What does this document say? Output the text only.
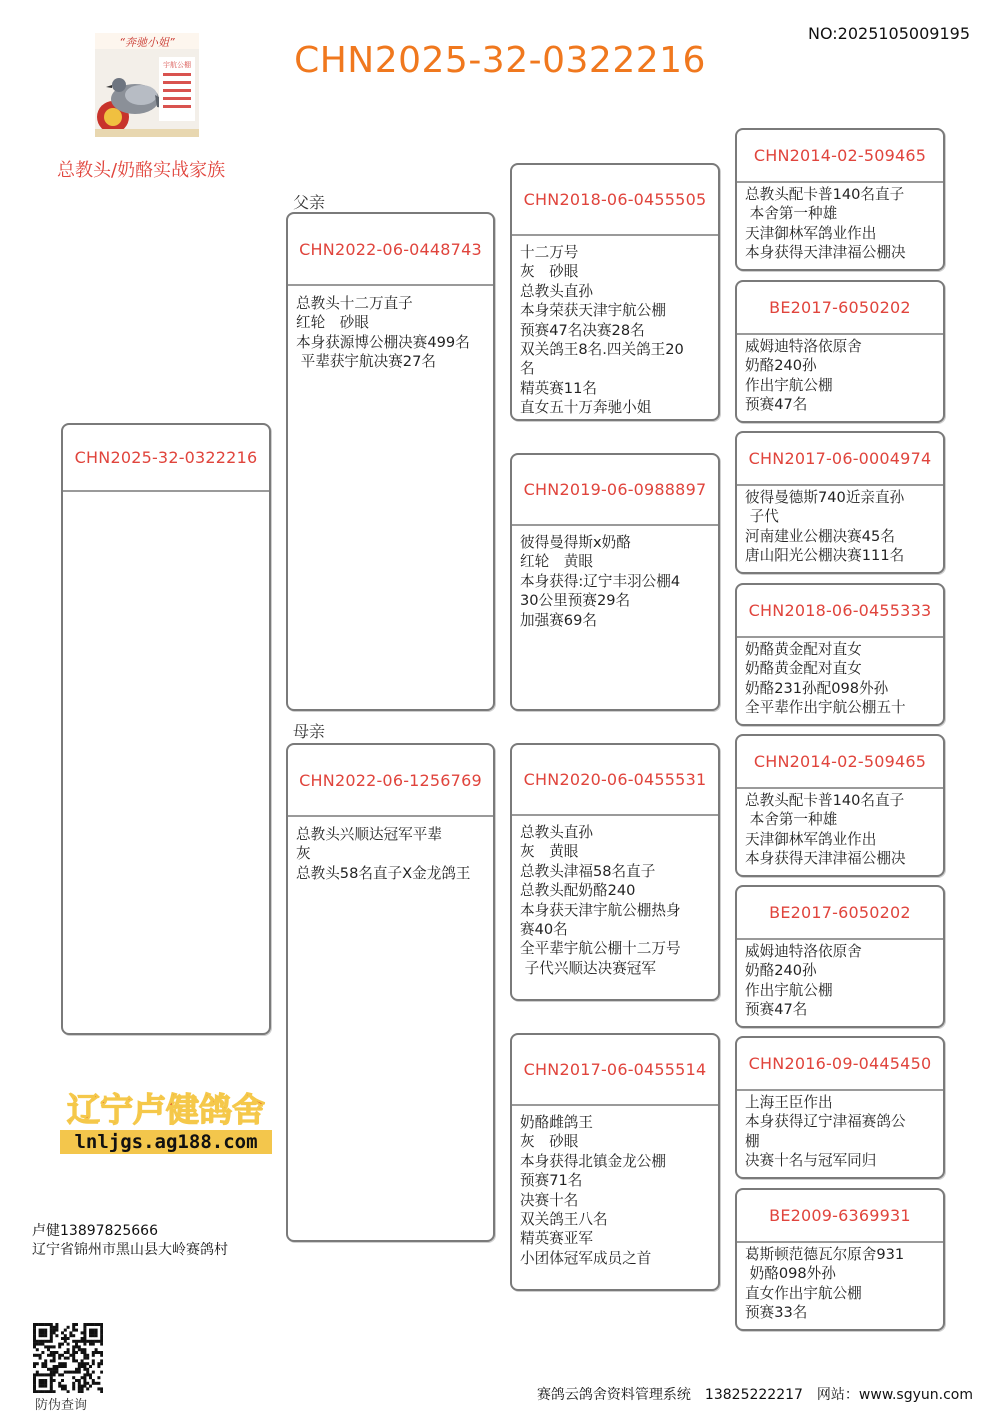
NO:2025105009195
CHN2025-32-0322216
“奔驰小姐”
宇航公棚
总教头/奶酪实战家族
父亲
母亲
CHN2025-32-0322216
CHN2022-06-0448743
总教头十二万直子
红轮　砂眼
本身获源博公棚决赛499名
平辈获宇航决赛27名
CHN2022-06-1256769
总教头兴顺达冠军平辈
灰
总教头58名直子X金龙鸽王
CHN2018-06-0455505
十二万号
灰　砂眼
总教头直孙
本身荣获天津宇航公棚
预赛47名决赛28名
双关鸽王8名.四关鸽王20
名
精英赛11名
直女五十万奔驰小姐
CHN2019-06-0988897
彼得曼得斯x奶酪
红轮　黄眼
本身获得:辽宁丰羽公棚4
30公里预赛29名
加强赛69名
CHN2020-06-0455531
总教头直孙
灰　黄眼
总教头津福58名直子
总教头配奶酪240
本身获天津宇航公棚热身
赛40名
全平辈宇航公棚十二万号
子代兴顺达决赛冠军
CHN2017-06-0455514
奶酪雌鸽王
灰　砂眼
本身获得北镇金龙公棚
预赛71名
决赛十名
双关鸽王八名
精英赛亚军
小团体冠军成员之首
CHN2014-02-509465
总教头配卡普140名直子
本舍第一种雄
天津御林军鸽业作出
本身获得天津津福公棚决
BE2017-6050202
威姆迪特洛依原舍
奶酪240孙
作出宇航公棚
预赛47名
CHN2017-06-0004974
彼得曼德斯740近亲直孙
子代
河南建业公棚决赛45名
唐山阳光公棚决赛111名
CHN2018-06-0455333
奶酪黄金配对直女
奶酪黄金配对直女
奶酪231孙配098外孙
全平辈作出宇航公棚五十
CHN2014-02-509465
总教头配卡普140名直子
本舍第一种雄
天津御林军鸽业作出
本身获得天津津福公棚决
BE2017-6050202
威姆迪特洛依原舍
奶酪240孙
作出宇航公棚
预赛47名
CHN2016-09-0445450
上海王臣作出
本身获得辽宁津福赛鸽公
棚
决赛十名与冠军同归
BE2009-6369931
葛斯顿范德瓦尔原舍931
奶酪098外孙
直女作出宇航公棚
预赛33名
辽宁卢健鸽舍
lnljgs.ag188.com
卢健13897825666
辽宁省锦州市黑山县大岭赛鸽村
防伪查询
赛鸽云鸽舍资料管理系统　13825222217　网站：www.sgyun.com
